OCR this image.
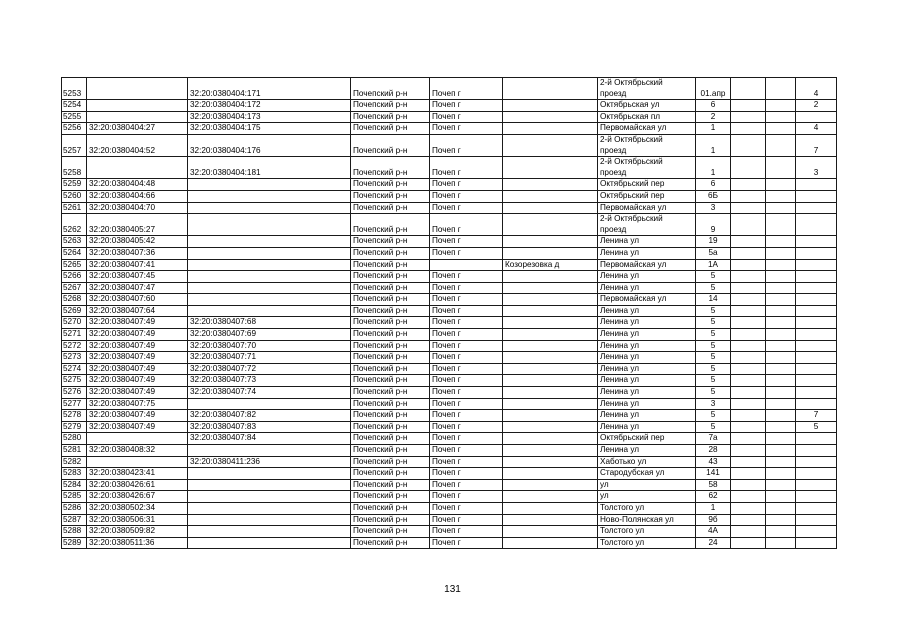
5253		32:20:0380404:171	Почепский р-н	Почеп г		2-й Октябрьский
проезд	01.апр			4
5254		32:20:0380404:172	Почепский р-н	Почеп г		Октябрьская ул	6			2
5255		32:20:0380404:173	Почепский р-н	Почеп г		Октябрьская пл	2			
5256	32:20:0380404:27	32:20:0380404:175	Почепский р-н	Почеп г		Первомайская ул	1			4
5257	32:20:0380404:52	32:20:0380404:176	Почепский р-н	Почеп г		2-й Октябрьский
проезд	1			7
5258		32:20:0380404:181	Почепский р-н	Почеп г		2-й Октябрьский
проезд	1			3
5259	32:20:0380404:48		Почепский р-н	Почеп г		Октябрьский пер	6			
5260	32:20:0380404:66		Почепский р-н	Почеп г		Октябрьский пер	6Б			
5261	32:20:0380404:70		Почепский р-н	Почеп г		Первомайская ул	3			
5262	32:20:0380405:27		Почепский р-н	Почеп г		2-й Октябрьский
проезд	9			
5263	32:20:0380405:42		Почепский р-н	Почеп г		Ленина ул	19			
5264	32:20:0380407:36		Почепский р-н	Почеп г		Ленина ул	5а			
5265	32:20:0380407:41		Почепский р-н		Козорезовка д	Первомайская ул	1А			
5266	32:20:0380407:45		Почепский р-н	Почеп г		Ленина ул	5			
5267	32:20:0380407:47		Почепский р-н	Почеп г		Ленина ул	5			
5268	32:20:0380407:60		Почепский р-н	Почеп г		Первомайская ул	14			
5269	32:20:0380407:64		Почепский р-н	Почеп г		Ленина ул	5			
5270	32:20:0380407:49	32:20:0380407:68	Почепский р-н	Почеп г		Ленина ул	5			
5271	32:20:0380407:49	32:20:0380407:69	Почепский р-н	Почеп г		Ленина ул	5			
5272	32:20:0380407:49	32:20:0380407:70	Почепский р-н	Почеп г		Ленина ул	5			
5273	32:20:0380407:49	32:20:0380407:71	Почепский р-н	Почеп г		Ленина ул	5			
5274	32:20:0380407:49	32:20:0380407:72	Почепский р-н	Почеп г		Ленина ул	5			
5275	32:20:0380407:49	32:20:0380407:73	Почепский р-н	Почеп г		Ленина ул	5			
5276	32:20:0380407:49	32:20:0380407:74	Почепский р-н	Почеп г		Ленина ул	5			
5277	32:20:0380407:75		Почепский р-н	Почеп г		Ленина ул	3			
5278	32:20:0380407:49	32:20:0380407:82	Почепский р-н	Почеп г		Ленина ул	5			7
5279	32:20:0380407:49	32:20:0380407:83	Почепский р-н	Почеп г		Ленина ул	5			5
5280		32:20:0380407:84	Почепский р-н	Почеп г		Октябрьский пер	7а			
5281	32:20:0380408:32		Почепский р-н	Почеп г		Ленина ул	28			
5282		32:20:0380411:236	Почепский р-н	Почеп г		Хаботько ул	43			
5283	32:20:0380423:41		Почепский р-н	Почеп г		Стародубская ул	141			
5284	32:20:0380426:61		Почепский р-н	Почеп г		ул	58			
5285	32:20:0380426:67		Почепский р-н	Почеп г		ул	62			
5286	32:20:0380502:34		Почепский р-н	Почеп г		Толстого ул	1			
5287	32:20:0380506:31		Почепский р-н	Почеп г		Ново-Полянская ул	9б			
5288	32:20:0380509:82		Почепский р-н	Почеп г		Толстого ул	4А			
5289	32:20:0380511:36		Почепский р-н	Почеп г		Толстого ул	24			
131
